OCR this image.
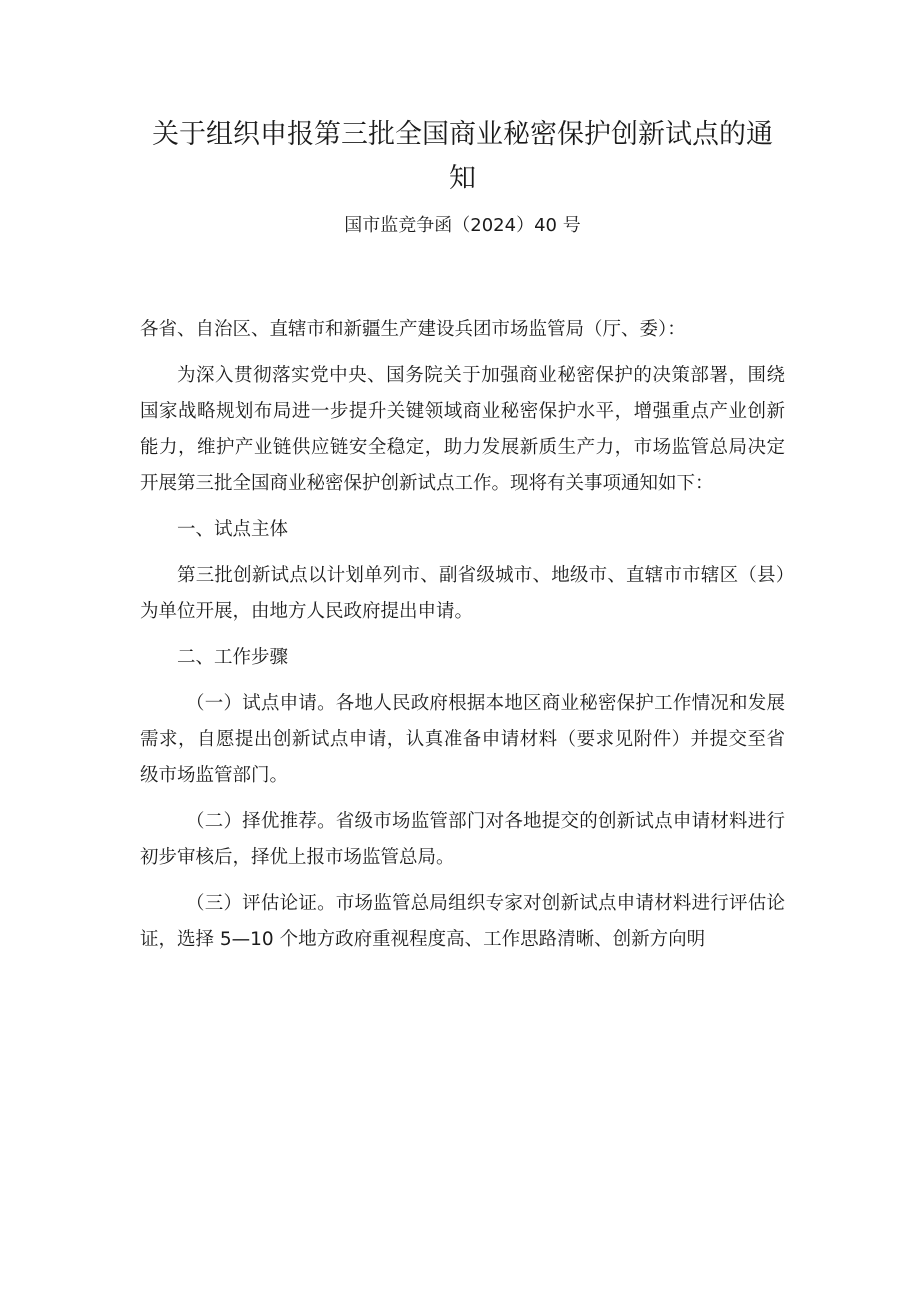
关于组织申报第三批全国商业秘密保护创新试点的通知
国市监竞争函（2024）40 号

各省、自治区、直辖市和新疆生产建设兵团市场监管局（厅、委）：

为深入贯彻落实党中央、国务院关于加强商业秘密保护的决策部署，围绕国家战略规划布局进一步提升关键领域商业秘密保护水平，增强重点产业创新能力，维护产业链供应链安全稳定，助力发展新质生产力，市场监管总局决定开展第三批全国商业秘密保护创新试点工作。现将有关事项通知如下：

一、试点主体

第三批创新试点以计划单列市、副省级城市、地级市、直辖市市辖区（县）为单位开展，由地方人民政府提出申请。

二、工作步骤

（一）试点申请。各地人民政府根据本地区商业秘密保护工作情况和发展需求，自愿提出创新试点申请，认真准备申请材料（要求见附件）并提交至省级市场监管部门。

（二）择优推荐。省级市场监管部门对各地提交的创新试点申请材料进行初步审核后，择优上报市场监管总局。

（三）评估论证。市场监管总局组织专家对创新试点申请材料进行评估论证，选择 5—10 个地方政府重视程度高、工作思路清晰、创新方向明
